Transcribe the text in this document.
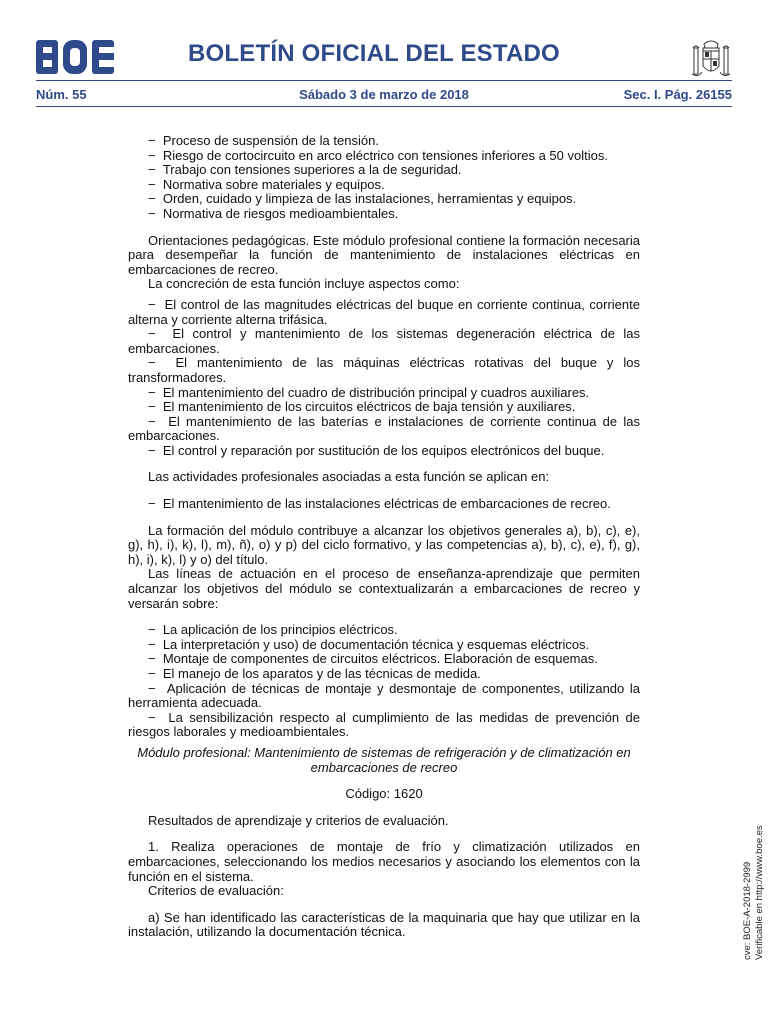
BOLETÍN OFICIAL DEL ESTADO
Núm. 55	Sábado 3 de marzo de 2018	Sec. I. Pág. 26155
−  Proceso de suspensión de la tensión.
−  Riesgo de cortocircuito en arco eléctrico con tensiones inferiores a 50 voltios.
−  Trabajo con tensiones superiores a la de seguridad.
−  Normativa sobre materiales y equipos.
−  Orden, cuidado y limpieza de las instalaciones, herramientas y equipos.
−  Normativa de riesgos medioambientales.

Orientaciones pedagógicas. Este módulo profesional contiene la formación necesaria para desempeñar la función de mantenimiento de instalaciones eléctricas en embarcaciones de recreo.

La concreción de esta función incluye aspectos como:

−  El control de las magnitudes eléctricas del buque en corriente continua, corriente alterna y corriente alterna trifásica.
−  El control y mantenimiento de los sistemas degeneración eléctrica de las embarcaciones.
−  El mantenimiento de las máquinas eléctricas rotativas del buque y los transformadores.
−  El mantenimiento del cuadro de distribución principal y cuadros auxiliares.
−  El mantenimiento de los circuitos eléctricos de baja tensión y auxiliares.
−  El mantenimiento de las baterías e instalaciones de corriente continua de las embarcaciones.
−  El control y reparación por sustitución de los equipos electrónicos del buque.

Las actividades profesionales asociadas a esta función se aplican en:

−  El mantenimiento de las instalaciones eléctricas de embarcaciones de recreo.

La formación del módulo contribuye a alcanzar los objetivos generales a), b), c), e), g), h), i), k), l), m), ñ), o) y p) del ciclo formativo, y las competencias a), b), c), e), f), g), h), i), k), l) y o) del título.

Las líneas de actuación en el proceso de enseñanza-aprendizaje que permiten alcanzar los objetivos del módulo se contextualizarán a embarcaciones de recreo y versarán sobre:

−  La aplicación de los principios eléctricos.
−  La interpretación y uso) de documentación técnica y esquemas eléctricos.
−  Montaje de componentes de circuitos eléctricos. Elaboración de esquemas.
−  El manejo de los aparatos y de las técnicas de medida.
−  Aplicación de técnicas de montaje y desmontaje de componentes, utilizando la herramienta adecuada.
−  La sensibilización respecto al cumplimiento de las medidas de prevención de riesgos laborales y medioambientales.

Módulo profesional: Mantenimiento de sistemas de refrigeración y de climatización en embarcaciones de recreo

Código: 1620

Resultados de aprendizaje y criterios de evaluación.

1. Realiza operaciones de montaje de frío y climatización utilizados en embarcaciones, seleccionando los medios necesarios y asociando los elementos con la función en el sistema.

Criterios de evaluación:

a) Se han identificado las características de la maquinaria que hay que utilizar en la instalación, utilizando la documentación técnica.	cve: BOE-A-2018-2999 Verificable en http://www.boe.es
